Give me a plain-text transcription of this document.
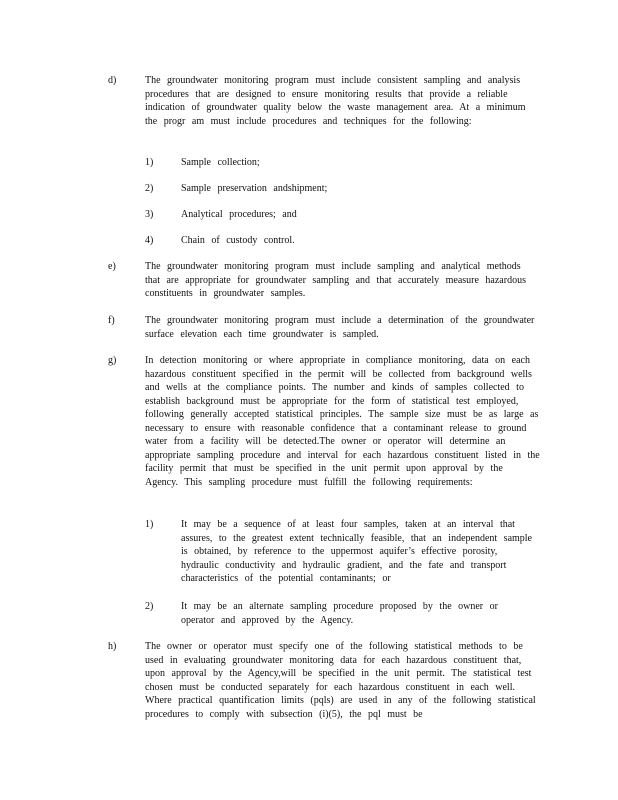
d)	The groundwater monitoring program must include consistent sampling and analysis procedures that are designed to ensure monitoring results that provide a reliable indication of groundwater quality below the waste management area. At a minimum the progr am must include procedures and techniques for the following:
1)	Sample collection;
2)	Sample preservation andshipment;
3)	Analytical procedures; and
4)	Chain of custody control.
e)	The groundwater monitoring program must include sampling and analytical methods that are appropriate for groundwater sampling and that accurately measure hazardous constituents in groundwater samples.
f)	The groundwater monitoring program must include a determination of the groundwater surface elevation each time groundwater is sampled.
g)	In detection monitoring or where appropriate in compliance monitoring, data on each hazardous constituent specified in the permit will be collected from background wells and wells at the compliance points. The number and kinds of samples collected to establish background must be appropriate for the form of statistical test employed, following generally accepted statistical principles. The sample size must be as large as necessary to ensure with reasonable confidence that a contaminant release to ground water from a facility will be detected.The owner or operator will determine an appropriate sampling procedure and interval for each hazardous constituent listed in the facility permit that must be specified in the unit permit upon approval by the Agency. This sampling procedure must fulfill the following requirements:
1)	It may be a sequence of at least four samples, taken at an interval that assures, to the greatest extent technically feasible, that an independent sample is obtained, by reference to the uppermost aquifer’s effective porosity, hydraulic conductivity and hydraulic gradient, and the fate and transport characteristics of the potential contaminants; or
2)	It may be an alternate sampling procedure proposed by the owner or operator and approved by the Agency.
h)	The owner or operator must specify one of the following statistical methods to be used in evaluating groundwater monitoring data for each hazardous constituent that, upon approval by the Agency,will be specified in the unit permit. The statistical test chosen must be conducted separately for each hazardous constituent in each well. Where practical quantification limits (pqls) are used in any of the following statistical procedures to comply with subsection (i)(5), the pql must be
